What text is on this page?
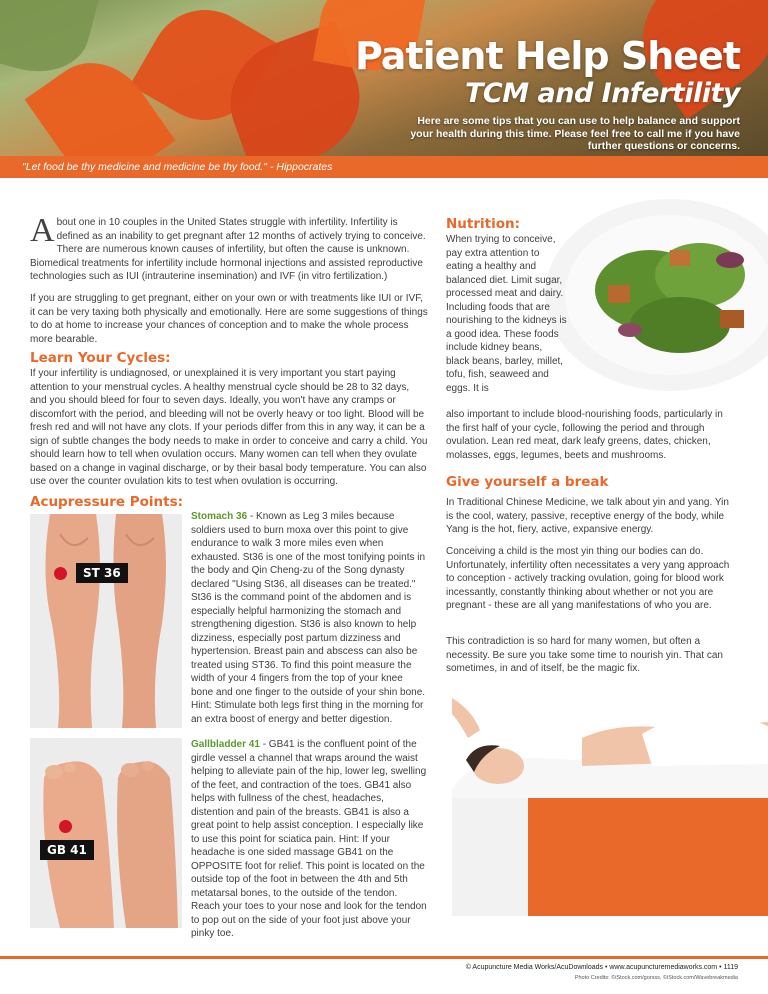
Patient Help Sheet
TCM and Infertility
Here are some tips that you can use to help balance and support your health during this time. Please feel free to call me if you have further questions or concerns.
"Let food be thy medicine and medicine be thy food." - Hippocrates
About one in 10 couples in the United States struggle with infertility. Infertility is defined as an inability to get pregnant after 12 months of actively trying to conceive. There are numerous known causes of infertility, but often the cause is unknown. Biomedical treatments for infertility include hormonal injections and assisted reproductive technologies such as IUI (intrauterine insemination) and IVF (in vitro fertilization.)
If you are struggling to get pregnant, either on your own or with treatments like IUI or IVF, it can be very taxing both physically and emotionally. Here are some suggestions of things to do at home to increase your chances of conception and to make the whole process more bearable.
Learn Your Cycles:
If your infertility is undiagnosed, or unexplained it is very important you start paying attention to your menstrual cycles. A healthy menstrual cycle should be 28 to 32 days, and you should bleed for four to seven days. Ideally, you won't have any cramps or discomfort with the period, and bleeding will not be overly heavy or too light. Blood will be fresh red and will not have any clots. If your periods differ from this in any way, it can be a sign of subtle changes the body needs to make in order to conceive and carry a child. You should learn how to tell when ovulation occurs. Many women can tell when they ovulate based on a change in vaginal discharge, or by their basal body temperature. You can also use over the counter ovulation kits to test when ovulation is occurring.
Acupressure Points:
ST 36
GB 41
Stomach 36 - Known as Leg 3 miles because soldiers used to burn moxa over this point to give endurance to walk 3 more miles even when exhausted. St36 is one of the most tonifying points in the body and Qin Cheng-zu of the Song dynasty declared "Using St36, all diseases can be treated." St36 is the command point of the abdomen and is especially helpful harmonizing the stomach and strengthening digestion. St36 is also known to help dizziness, especially post partum dizziness and hypertension. Breast pain and abscess can also be treated using ST36. To find this point measure the width of your 4 fingers from the top of your knee bone and one finger to the outside of your shin bone. Hint: Stimulate both legs first thing in the morning for an extra boost of energy and better digestion.
Gallbladder 41 - GB41 is the confluent point of the girdle vessel a channel that wraps around the waist helping to alleviate pain of the hip, lower leg, swelling of the feet, and contraction of the toes. GB41 also helps with fullness of the chest, headaches, distention and pain of the breasts. GB41 is also a great point to help assist conception. I especially like to use this point for sciatica pain. Hint: If your headache is one sided massage GB41 on the OPPOSITE foot for relief. This point is located on the outside top of the foot in between the 4th and 5th metatarsal bones, to the outside of the tendon. Reach your toes to your nose and look for the tendon to pop out on the side of your foot just above your pinky toe.
Nutrition:
When trying to conceive, pay extra attention to eating a healthy and balanced diet. Limit sugar, processed meat and dairy. Including foods that are nourishing to the kidneys is a good idea. These foods include kidney beans, black beans, barley, millet, tofu, fish, seaweed and eggs. It is
also important to include blood-nourishing foods, particularly in the first half of your cycle, following the period and through ovulation. Lean red meat, dark leafy greens, dates, chicken, molasses, eggs, legumes, beets and mushrooms.
Give yourself a break
In Traditional Chinese Medicine, we talk about yin and yang. Yin is the cool, watery, passive, receptive energy of the body, while Yang is the hot, fiery, active, expansive energy.
Conceiving a child is the most yin thing our bodies can do. Unfortunately, infertility often necessitates a very yang approach to conception - actively tracking ovulation, going for blood work incessantly, constantly thinking about whether or not you are pregnant - these are all yang manifestations of who you are.
This contradiction is so hard for many women, but often a necessity. Be sure you take some time to nourish yin. That can sometimes, in and of itself, be the magic fix.
© Acupuncture Media Works/AcuDownloads • www.acupuncturemediaworks.com • 1119
Photo Credits: ©iStock.com/gorsss, ©iStock.com/Wavebreakmedia
